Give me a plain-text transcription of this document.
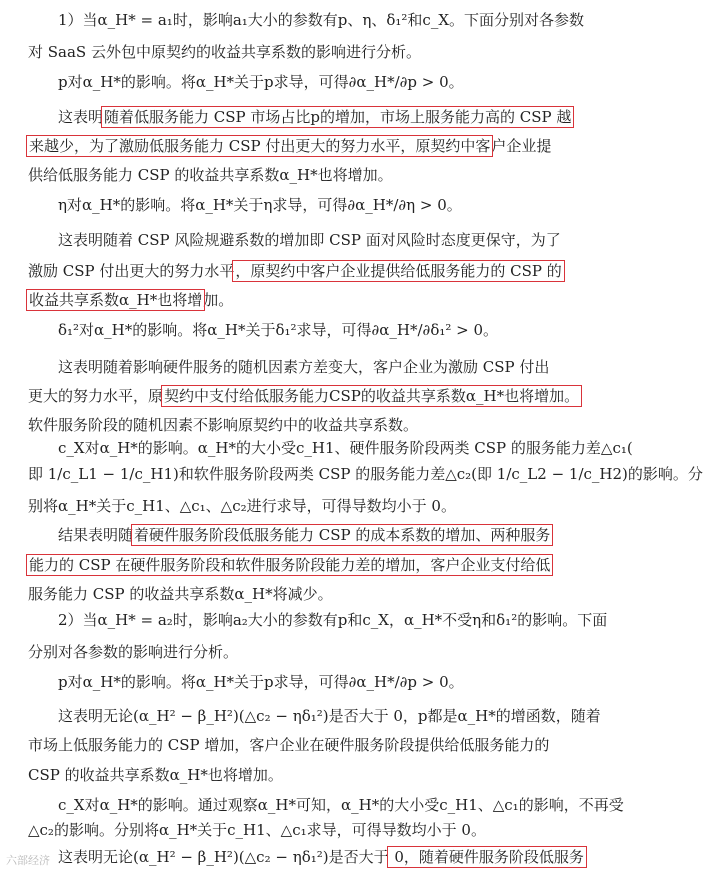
1）当α_H* = a₁时，影响a₁大小的参数有p、η、δ₁²和c_X。下面分别对各参数
对 SaaS 云外包中原契约的收益共享系数的影响进行分析。
p对α_H*的影响。将α_H*关于p求导，可得∂α_H*/∂p > 0。
这表明随着低服务能力 CSP 市场占比p的增加，市场上服务能力高的 CSP 越
来越少，为了激励低服务能力 CSP 付出更大的努力水平，原契约中客户企业提
供给低服务能力 CSP 的收益共享系数α_H*也将增加。
η对α_H*的影响。将α_H*关于η求导，可得∂α_H*/∂η > 0。
这表明随着 CSP 风险规避系数的增加即 CSP 面对风险时态度更保守，为了
激励 CSP 付出更大的努力水平，原契约中客户企业提供给低服务能力的 CSP 的
收益共享系数α_H*也将增加。
δ₁²对α_H*的影响。将α_H*关于δ₁²求导，可得∂α_H*/∂δ₁² > 0。
这表明随着影响硬件服务的随机因素方差变大，客户企业为激励 CSP 付出
更大的努力水平，原契约中支付给低服务能力CSP的收益共享系数α_H*也将增加。
软件服务阶段的随机因素不影响原契约中的收益共享系数。
c_X对α_H*的影响。α_H*的大小受c_H1、硬件服务阶段两类 CSP 的服务能力差△c₁(
即 1/c_L1 − 1/c_H1)和软件服务阶段两类 CSP 的服务能力差△c₂(即 1/c_L2 − 1/c_H2)的影响。分
别将α_H*关于c_H1、△c₁、△c₂进行求导，可得导数均小于 0。
结果表明随着硬件服务阶段低服务能力 CSP 的成本系数的增加、两种服务
能力的 CSP 在硬件服务阶段和软件服务阶段能力差的增加，客户企业支付给低
服务能力 CSP 的收益共享系数α_H*将减少。
2）当α_H* = a₂时，影响a₂大小的参数有p和c_X，α_H*不受η和δ₁²的影响。下面
分别对各参数的影响进行分析。
p对α_H*的影响。将α_H*关于p求导，可得∂α_H*/∂p > 0。
这表明无论(α_H² − β_H²)(△c₂ − ηδ₁²)是否大于 0，p都是α_H*的增函数，随着
市场上低服务能力的 CSP 增加，客户企业在硬件服务阶段提供给低服务能力的
CSP 的收益共享系数α_H*也将增加。
c_X对α_H*的影响。通过观察α_H*可知，α_H*的大小受c_H1、△c₁的影响，不再受
△c₂的影响。分别将α_H*关于c_H1、△c₁求导，可得导数均小于 0。
这表明无论(α_H² − β_H²)(△c₂ − ηδ₁²)是否大于 0，随着硬件服务阶段低服务
六部经济
